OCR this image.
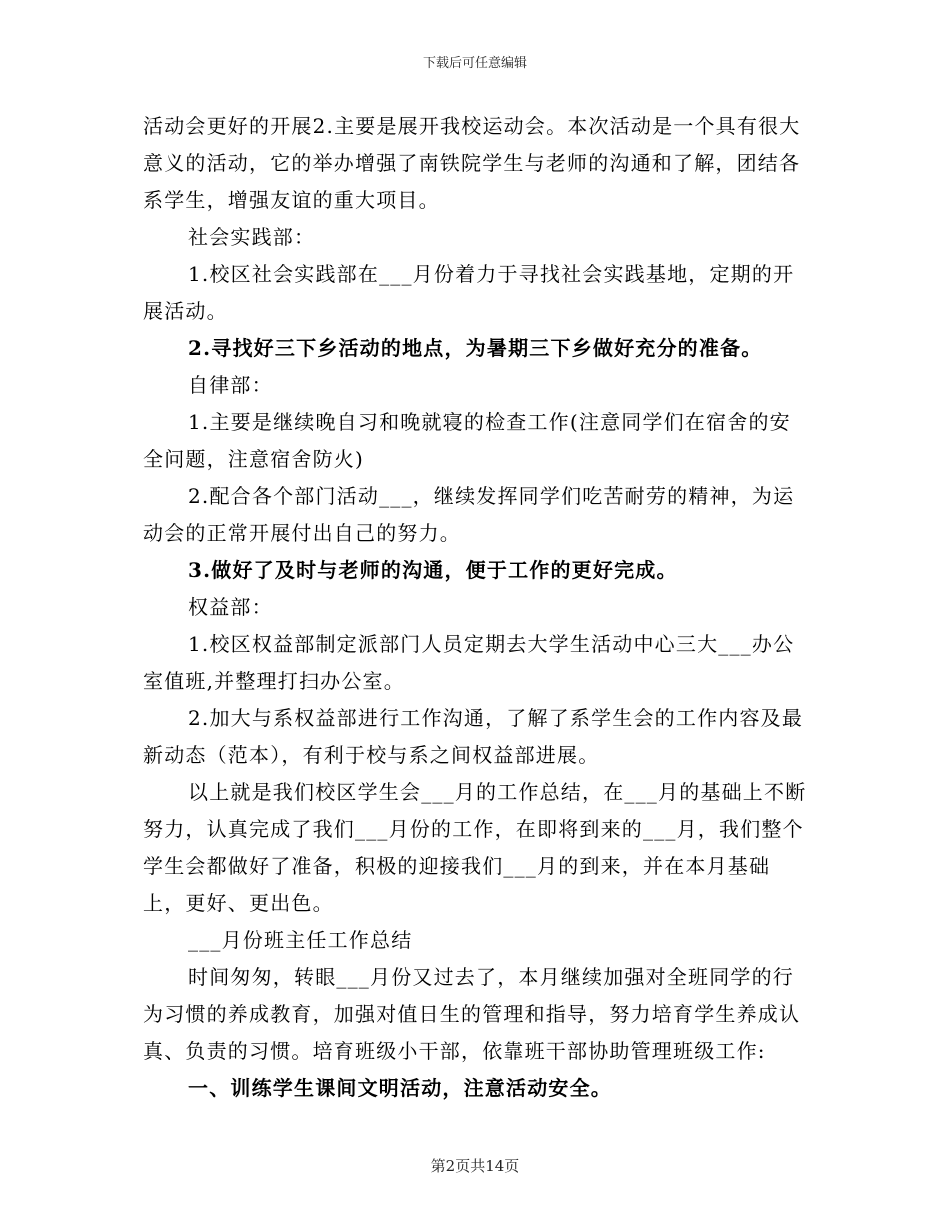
下载后可任意编辑

活动会更好的开展2.主要是展开我校运动会。本次活动是一个具有很大意义的活动，它的举办增强了南铁院学生与老师的沟通和了解，团结各系学生，增强友谊的重大项目。

社会实践部：

1.校区社会实践部在___月份着力于寻找社会实践基地，定期的开展活动。

2.寻找好三下乡活动的地点，为暑期三下乡做好充分的准备。

自律部：

1.主要是继续晚自习和晚就寝的检查工作(注意同学们在宿舍的安全问题，注意宿舍防火)

2.配合各个部门活动___，继续发挥同学们吃苦耐劳的精神，为运动会的正常开展付出自己的努力。

3.做好了及时与老师的沟通，便于工作的更好完成。

权益部：

1.校区权益部制定派部门人员定期去大学生活动中心三大___办公室值班,并整理打扫办公室。

2.加大与系权益部进行工作沟通，了解了系学生会的工作内容及最新动态（范本），有利于校与系之间权益部进展。

以上就是我们校区学生会___月的工作总结，在___月的基础上不断努力，认真完成了我们___月份的工作，在即将到来的___月，我们整个学生会都做好了准备，积极的迎接我们___月的到来，并在本月基础上，更好、更出色。

___月份班主任工作总结

时间匆匆，转眼___月份又过去了，本月继续加强对全班同学的行为习惯的养成教育，加强对值日生的管理和指导，努力培育学生养成认真、负责的习惯。培育班级小干部，依靠班干部协助管理班级工作:

一、训练学生课间文明活动，注意活动安全。

第2页共14页
